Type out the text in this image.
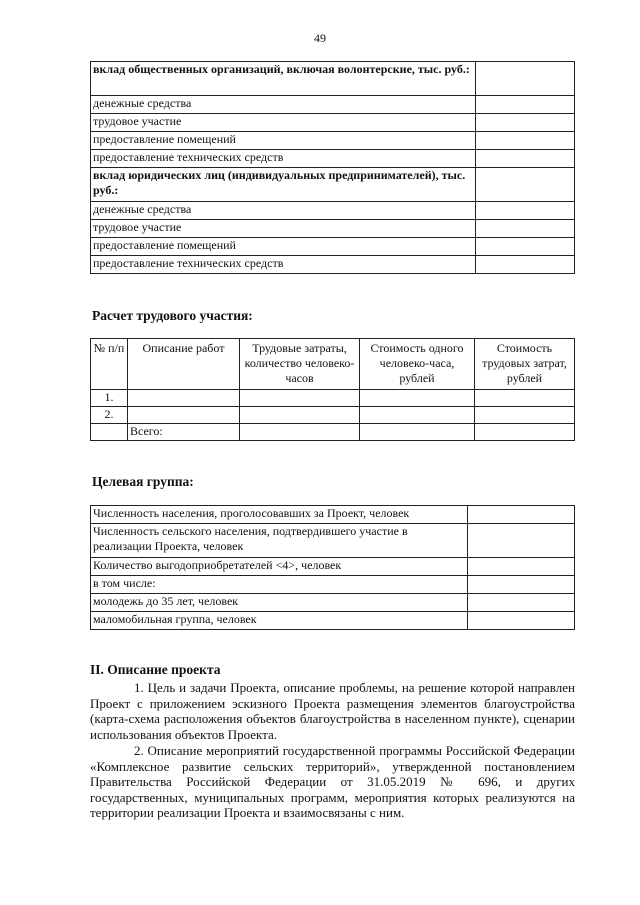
49
вклад общественных организаций, включая волонтерские, тыс. руб.:	
денежные средства	
трудовое участие	
предоставление помещений	
предоставление технических средств	
вклад юридических лиц (индивидуальных предпринимателей), тыс. руб.:	
денежные средства	
трудовое участие	
предоставление помещений	
предоставление технических средств	
Расчет трудового участия:
№ п/п	Описание работ	Трудовые затраты, количество человеко-часов	Стоимость одного человеко-часа, рублей	Стоимость трудовых затрат, рублей
1.				
2.				
	Всего:			
Целевая группа:
Численность населения, проголосовавших за Проект, человек	
Численность сельского населения, подтвердившего участие в реализации Проекта, человек	
Количество выгодоприобретателей <4>, человек	
в том числе:	
молодежь до 35 лет, человек	
маломобильная группа, человек	
II. Описание проекта
1. Цель и задачи Проекта, описание проблемы, на решение которой направлен Проект с приложением эскизного Проекта размещения элементов благоустройства (карта-схема расположения объектов благоустройства в населенном пункте), сценарии использования объектов Проекта.
2. Описание мероприятий государственной программы Российской Федерации «Комплексное развитие сельских территорий», утвержденной постановлением Правительства Российской Федерации от 31.05.2019 № 696, и других государственных, муниципальных программ, мероприятия которых реализуются на территории реализации Проекта и взаимосвязаны с ним.
